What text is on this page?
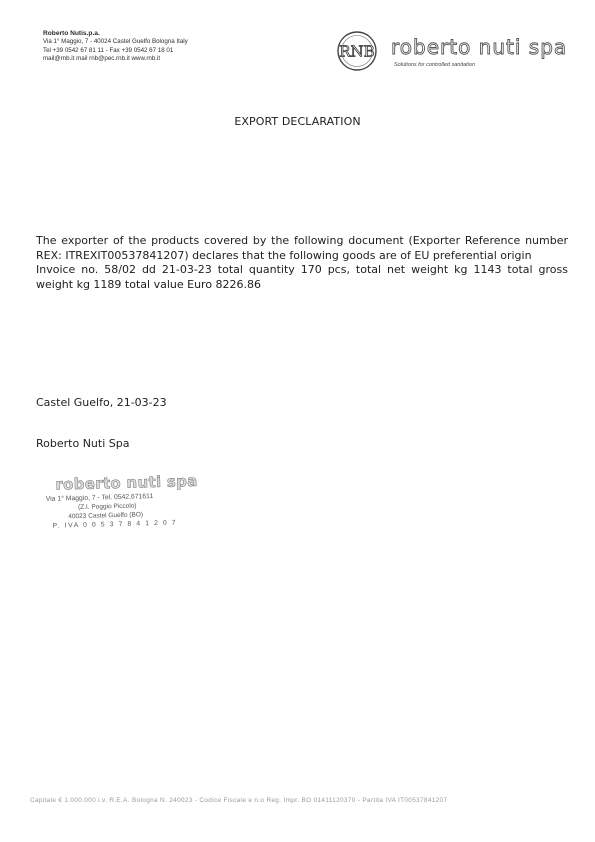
Roberto Nutis.p.a.
Via 1° Maggio, 7 - 40024 Castel Guelfo Bologna Italy
Tel +39 0542 67 81 11 - Fax +39 0542 67 18 01
mail@rnb.it mail rnb@pec.rnb.it www.rnb.it	RNB roberto nuti spa
Solutions for controlled sanitation
EXPORT DECLARATION
The exporter of the products covered by the following document (Exporter Reference number REX: ITREXIT00537841207) declares that the following goods are of EU preferential origin
Invoice no. 58/02 dd 21-03-23 total quantity 170 pcs, total net weight kg 1143 total gross weight kg 1189 total value Euro 8226.86
Castel Guelfo, 21-03-23
Roberto Nuti Spa
roberto nuti spa
Via 1° Maggio, 7 - Tel. 0542.671611
(Z.I. Poggio Piccolo)
40023 Castel Guelfo (BO)
P. IVA 0 0 5 3 7 8 4 1 2 0 7
Capitale € 1.000.000 i.v. R.E.A. Bologna N. 240023 - Codice Fiscale e n.o Reg. Impr. BO 01411120370 - Partita IVA IT00537841207
